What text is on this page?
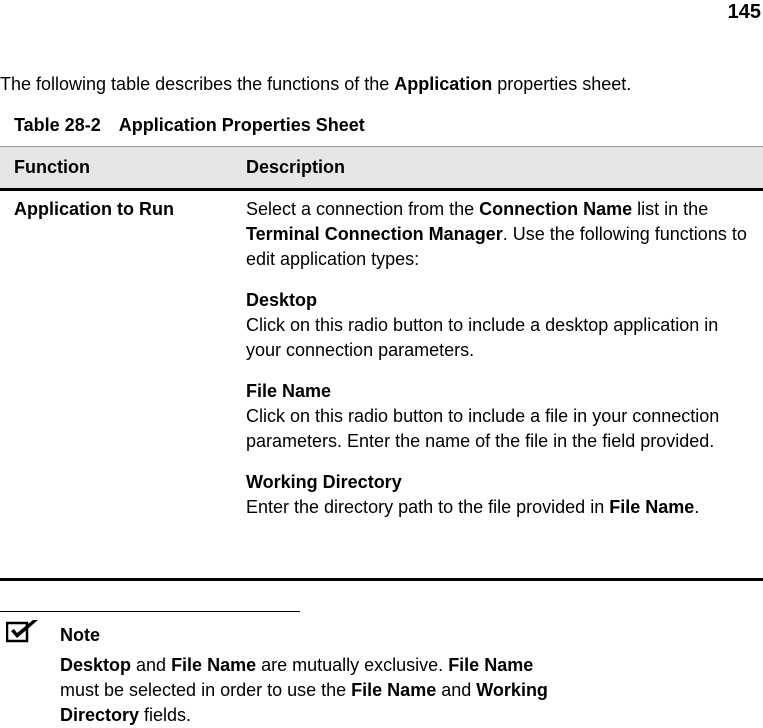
145
The following table describes the functions of the Application properties sheet.
Table 28-2 Application Properties Sheet
Function	Description
Application to Run	Select a connection from the Connection Name list in the Terminal Connection Manager. Use the following functions to edit application types:

Desktop
Click on this radio button to include a desktop application in your connection parameters.
File Name
Click on this radio button to include a file in your connection parameters. Enter the name of the file in the field provided.
Working Directory
Enter the directory path to the file provided in File Name.
Note
Desktop and File Name are mutually exclusive. File Name must be selected in order to use the File Name and Working Directory fields.
